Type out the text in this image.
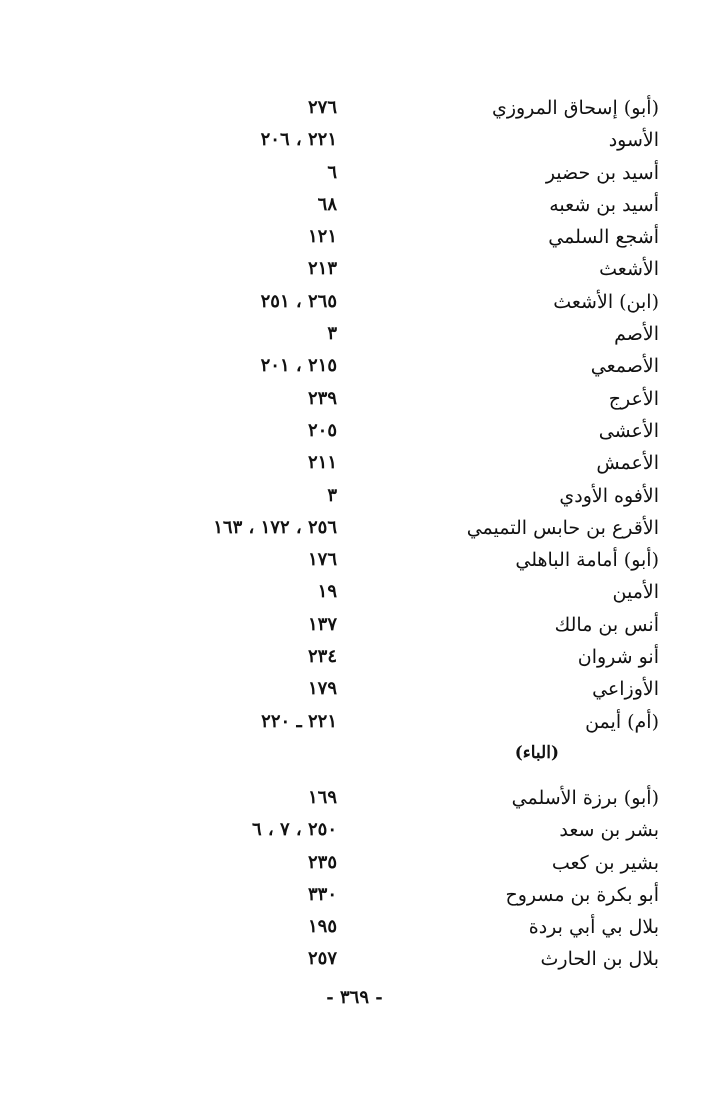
(أبو) إسحاق المروزي
٢٧٦
الأسود
٢٢١ ، ٢٠٦
أسيد بن حضير
٦
أسيد بن شعبه
٦٨
أشجع السلمي
١٢١
الأشعث
٢١٣
(ابن) الأشعث
٢٦٥ ، ٢٥١
الأصم
٣
الأصمعي
٢١٥ ، ٢٠١
الأعرج
٢٣٩
الأعشى
٢٠٥
الأعمش
٢١١
الأفوه الأودي
٣
الأقرع بن حابس التميمي
٢٥٦ ، ١٧٢ ، ١٦٣
(أبو) أمامة الباهلي
١٧٦
الأمين
١٩
أنس بن مالك
١٣٧
أنو شروان
٢٣٤
الأوزاعي
١٧٩
(أم) أيمن
٢٢١ ـ ٢٢٠
(الباء)
(أبو) برزة الأسلمي
١٦٩
بشر بن سعد
٢٥٠ ، ٧ ، ٦
بشير بن كعب
٢٣٥
أبو بكرة بن مسروح
٣٣٠
بلال بي أبي بردة
١٩٥
بلال بن الحارث
٢٥٧
- ٣٦٩ -
